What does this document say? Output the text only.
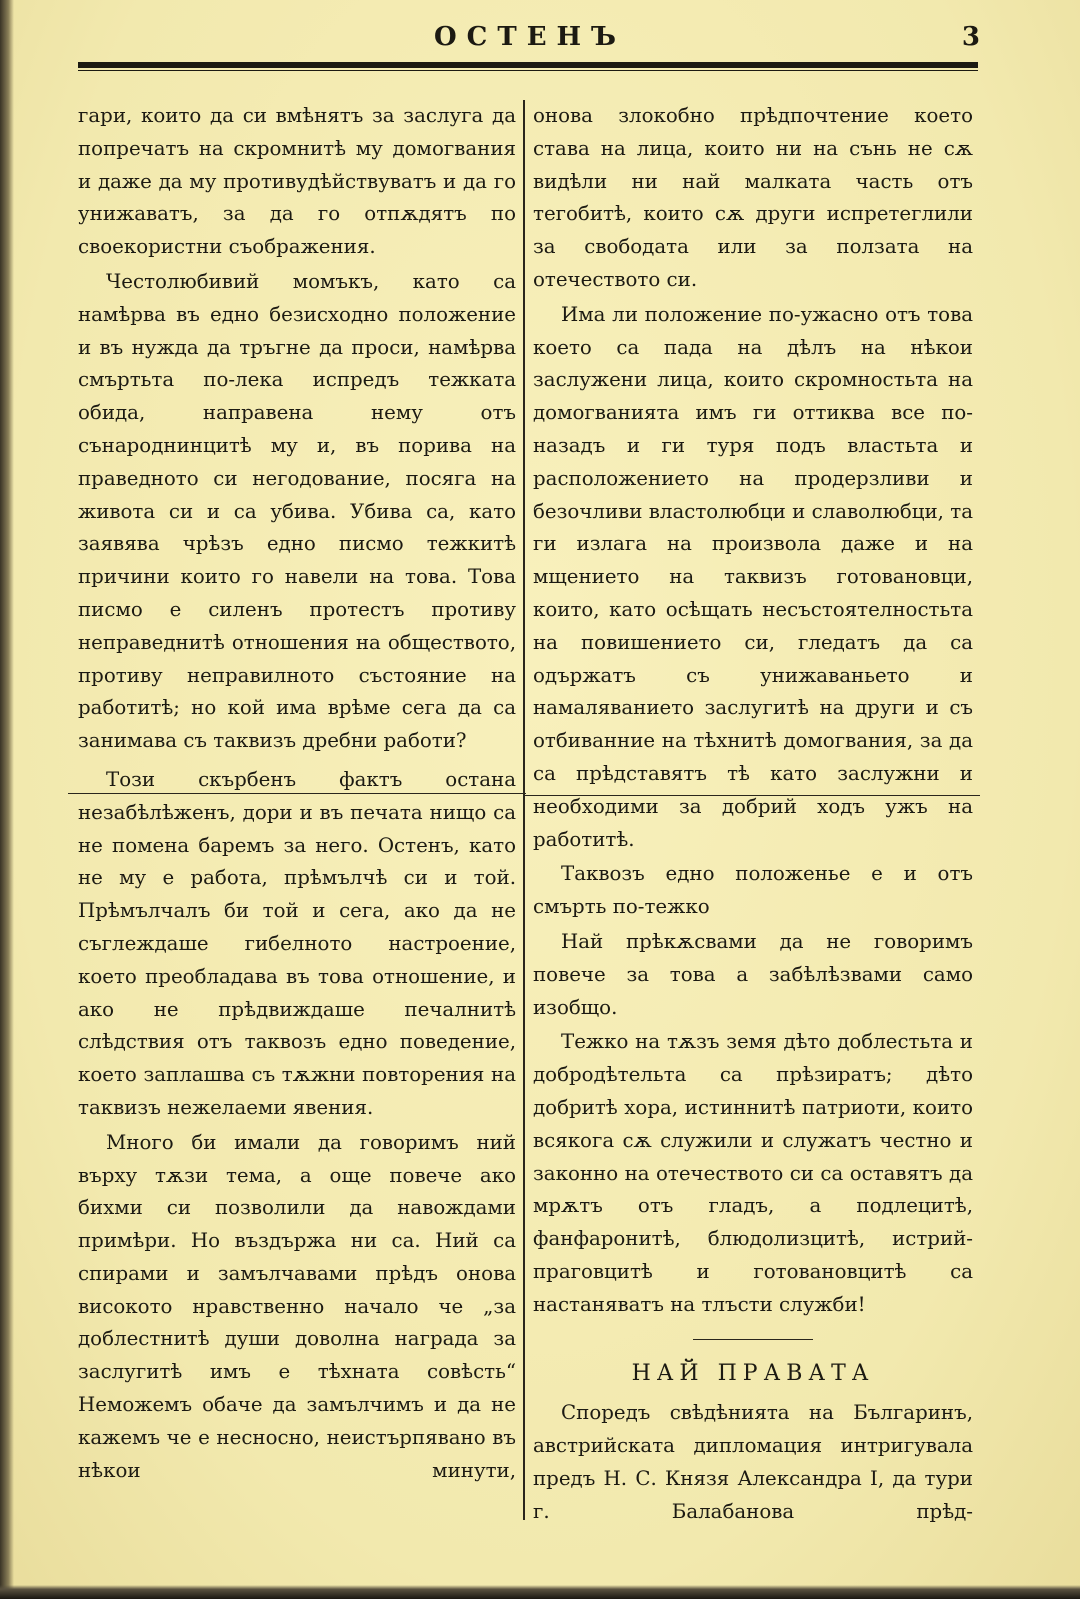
ОСТЕНЪ	3

гари, които да си вмѣнятъ за заслуга да попречатъ на скромнитѣ му домогвания и даже да му противудѣйствуватъ и да го унижаватъ, за да го отпѫдятъ по своекористни съображения.

Честолюбивий момъкъ, като са намѣрва въ едно безисходно положение и въ нужда да тръгне да проси, намѣрва смъртьта по-лека испредъ тежката обида, направена нему отъ сънароднинцитѣ му и, въ порива на праведното си негодование, посяга на живота си и са убива. Убива са, като заявява чрѣзъ едно писмо тежкитѣ причини които го навели на това. Това писмо е силенъ протестъ противу неправеднитѣ отношения на обществото, противу неправилното състояние на работитѣ; но кой има врѣме сега да са занимава съ таквизъ дребни работи?

Този скърбенъ фактъ остана незабѣлѣженъ, дори и въ печата нищо са не помена баремъ за него. Остенъ, като не му е работа, прѣмълчѣ си и той. Прѣмълчалъ би той и сега, ако да не съглеждаше гибелното настроение, което преобладава въ това отношение, и ако не прѣдвиждаше печалнитѣ слѣдствия отъ таквозъ едно поведение, което заплашва съ тѫжни повторения на таквизъ нежелаеми явения.

Много би имали да говоримъ ний върху тѫзи тема, а още повече ако бихми си позволили да навождами примѣри. Но въздържа ни са. Ний са спирами и замълчавами прѣдъ онова високото нравственно начало че „за доблестнитѣ души доволна награда за заслугитѣ имъ е тѣхната совѣсть“ Неможемъ обаче да замълчимъ и да не кажемъ че е несносно, неистърпяванo въ нѣкои минути,

онова злокобно прѣдпочтение което става на лица, които ни на сънь не сѫ видѣли ни най малката часть отъ тегобитѣ, които сѫ други испретеглили за свободата или за ползата на отечеството си.

Има ли положение по-ужасно отъ това което са пада на дѣлъ на нѣкои заслужени лица, които скромностьта на домогванията имъ ги оттиква все по-назадъ и ги туря подъ властьта и расположението на продерзливи и безочливи властолюбци и славолюбци, та ги излага на произвола даже и на мщението на таквизъ готовановци, които, като осѣщать несъстоятелностьта на повишението си, гледатъ да са одържатъ съ унижаваньето и намаляванието заслугитѣ на други и съ отбиванние на тѣхнитѣ домогвания, за да са прѣдставятъ тѣ като заслужни и необходими за добрий ходъ ужъ на работитѣ.

Таквозъ едно положенье е и отъ смърть по-тежко

Най прѣкѫсвами да не говоримъ повече за това а забѣлѣзвами само изобщо.

Тежко на тѫзъ земя дѣто доблестьта и добродѣтельта са прѣзиратъ; дѣто добритѣ хора, истиннитѣ патриоти, които всякога сѫ служили и служатъ честно и законно на отечеството си са оставятъ да мрѫтъ отъ гладъ, а подлецитѣ, фанфаронитѣ, блюдолизцитѣ, истрий-праговцитѣ и готовановцитѣ са настаняватъ на тлъсти служби!

НАЙ ПРАВАТА

Споредъ свѣдѣнията на Българинъ, австрийската дипломация интригувала предъ Н. С. Князя Александра I, да тури г. Балабанова прѣд-
